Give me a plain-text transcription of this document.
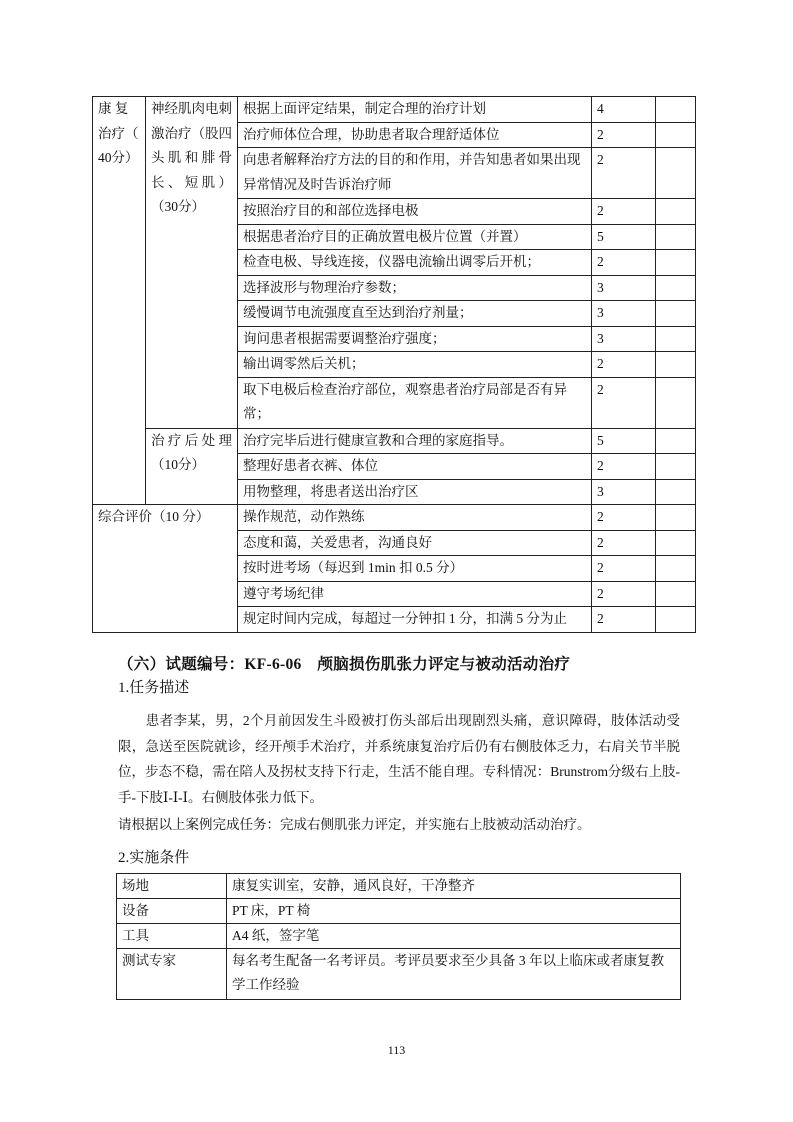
康 复治疗（ 40分）	神经肌肉电刺激治疗（股四头肌和腓骨长、短肌）（30分）	根据上面评定结果，制定合理的治疗计划	4	
		治疗师体位合理，协助患者取合理舒适体位	2	
		向患者解释治疗方法的目的和作用，并告知患者如果出现异常情况及时告诉治疗师	2	
		按照治疗目的和部位选择电极	2	
		根据患者治疗目的正确放置电极片位置（并置）	5	
		检查电极、导线连接，仪器电流输出调零后开机；	2	
		选择波形与物理治疗参数；	3	
		缓慢调节电流强度直至达到治疗剂量；	3	
		询问患者根据需要调整治疗强度；	3	
		输出调零然后关机；	2	
		取下电极后检查治疗部位，观察患者治疗局部是否有异常；	2	
	治疗后处理（10分）	治疗完毕后进行健康宣教和合理的家庭指导。	5	
		整理好患者衣裤、体位	2	
		用物整理，将患者送出治疗区	3	
综合评价（10 分）		操作规范，动作熟练	2	
		态度和蔼，关爱患者，沟通良好	2	
		按时进考场（每迟到 1min 扣 0.5 分）	2	
		遵守考场纪律	2	
		规定时间内完成，每超过一分钟扣 1 分，扣满 5 分为止	2	
（六）试题编号：KF-6-06　颅脑损伤肌张力评定与被动活动治疗
1.任务描述
　　患者李某，男，2个月前因发生斗殴被打伤头部后出现剧烈头痛，意识障碍，肢体活动受限，急送至医院就诊，经开颅手术治疗，并系统康复治疗后仍有右侧肢体乏力，右肩关节半脱位，步态不稳，需在陪人及拐杖支持下行走，生活不能自理。专科情况：Brunstrom分级右上肢-手-下肢Ⅰ-Ⅰ-Ⅰ。右侧肢体张力低下。
请根据以上案例完成任务：完成右侧肌张力评定，并实施右上肢被动活动治疗。
2.实施条件
场地	康复实训室，安静，通风良好，干净整齐
设备	PT 床，PT 椅
工具	A4 纸，签字笔
测试专家	每名考生配备一名考评员。考评员要求至少具备 3 年以上临床或者康复教学工作经验
113
